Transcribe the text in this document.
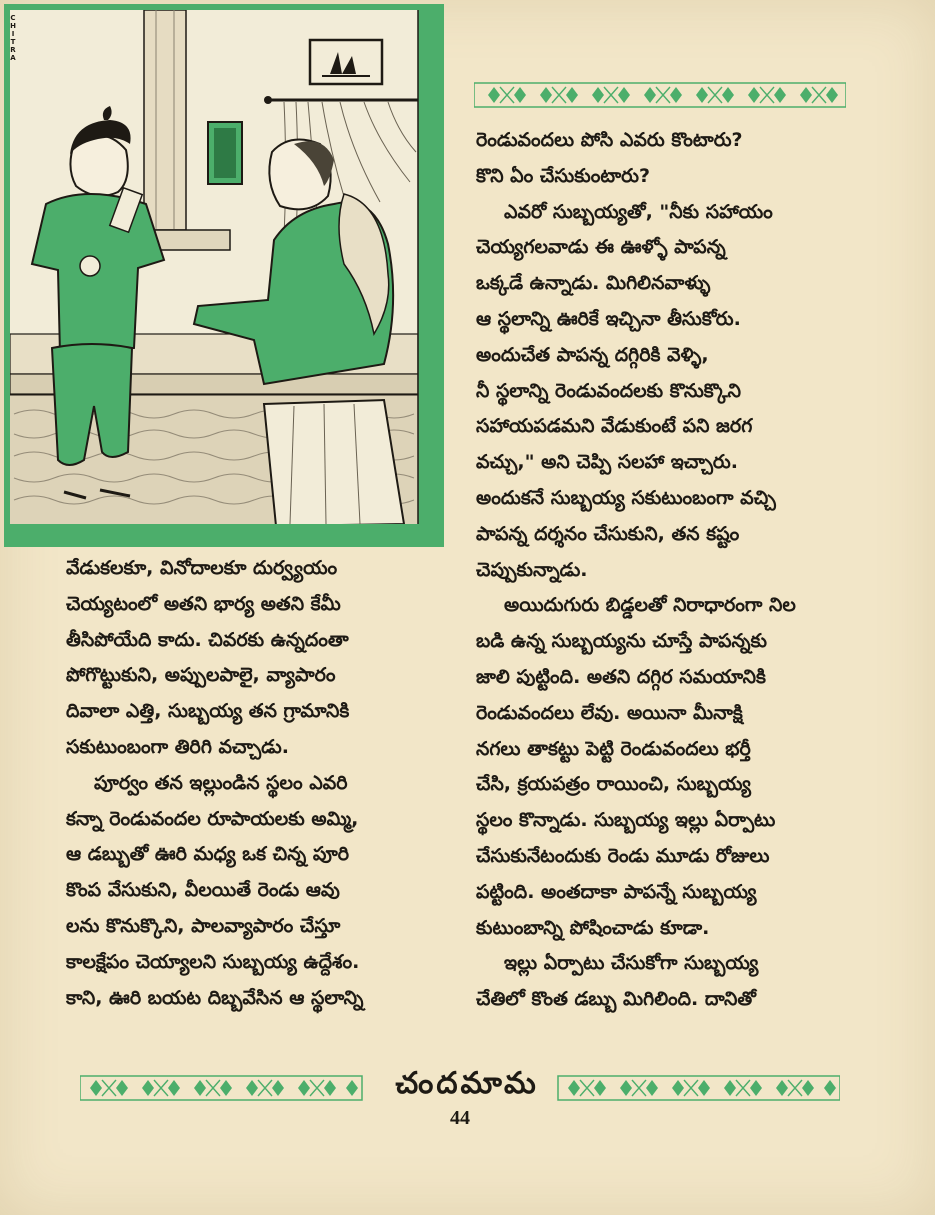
C
H
I
T
R
A

రెండువందలు పోసి ఎవరు కొంటారు?
కొని ఏం చేసుకుంటారు?

ఎవరో సుబ్బయ్యతో, "నీకు సహాయం
చెయ్యగలవాడు ఈ ఊళ్ళో పాపన్న
ఒక్కడే ఉన్నాడు. మిగిలినవాళ్ళు
ఆ స్థలాన్ని ఊరికే ఇచ్చినా తీసుకోరు.
అందుచేత పాపన్న దగ్గిరికి వెళ్ళి,
నీ స్థలాన్ని రెండువందలకు కొనుక్కొని
సహాయపడమని వేడుకుంటే పని జరగ
వచ్చు," అని చెప్పి సలహా ఇచ్చారు.
అందుకనే సుబ్బయ్య సకుటుంబంగా వచ్చి
పాపన్న దర్శనం చేసుకుని, తన కష్టం
చెప్పుకున్నాడు.

అయిదుగురు బిడ్డలతో నిరాధారంగా నిల
బడి ఉన్న సుబ్బయ్యను చూస్తే పాపన్నకు
జాలి పుట్టింది. అతని దగ్గిర సమయానికి
రెండువందలు లేవు. అయినా మీనాక్షి
నగలు తాకట్టు పెట్టి రెండువందలు భర్తీ
చేసి, క్రయపత్రం రాయించి, సుబ్బయ్య
స్థలం కొన్నాడు. సుబ్బయ్య ఇల్లు ఏర్పాటు
చేసుకునేటందుకు రెండు మూడు రోజులు
పట్టింది. అంతదాకా పాపన్నే సుబ్బయ్య
కుటుంబాన్ని పోషించాడు కూడా.

ఇల్లు ఏర్పాటు చేసుకోగా సుబ్బయ్య
చేతిలో కొంత డబ్బు మిగిలింది. దానితో

వేడుకలకూ, వినోదాలకూ దుర్వ్యయం
చెయ్యటంలో అతని భార్య అతని కేమీ
తీసిపోయేది కాదు. చివరకు ఉన్నదంతా
పోగొట్టుకుని, అప్పులపాలై, వ్యాపారం
దివాలా ఎత్తి, సుబ్బయ్య తన గ్రామానికి
సకుటుంబంగా తిరిగి వచ్చాడు.

పూర్వం తన ఇల్లుండిన స్థలం ఎవరి
కన్నా రెండువందల రూపాయలకు అమ్మి,
ఆ డబ్బుతో ఊరి మధ్య ఒక చిన్న పూరి
కొంప వేసుకుని, వీలయితే రెండు ఆవు
లను కొనుక్కొని, పాలవ్యాపారం చేస్తూ
కాలక్షేపం చెయ్యాలని సుబ్బయ్య ఉద్దేశం.
కాని, ఊరి బయట దిబ్బవేసిన ఆ స్థలాన్ని

చందమామ
44
